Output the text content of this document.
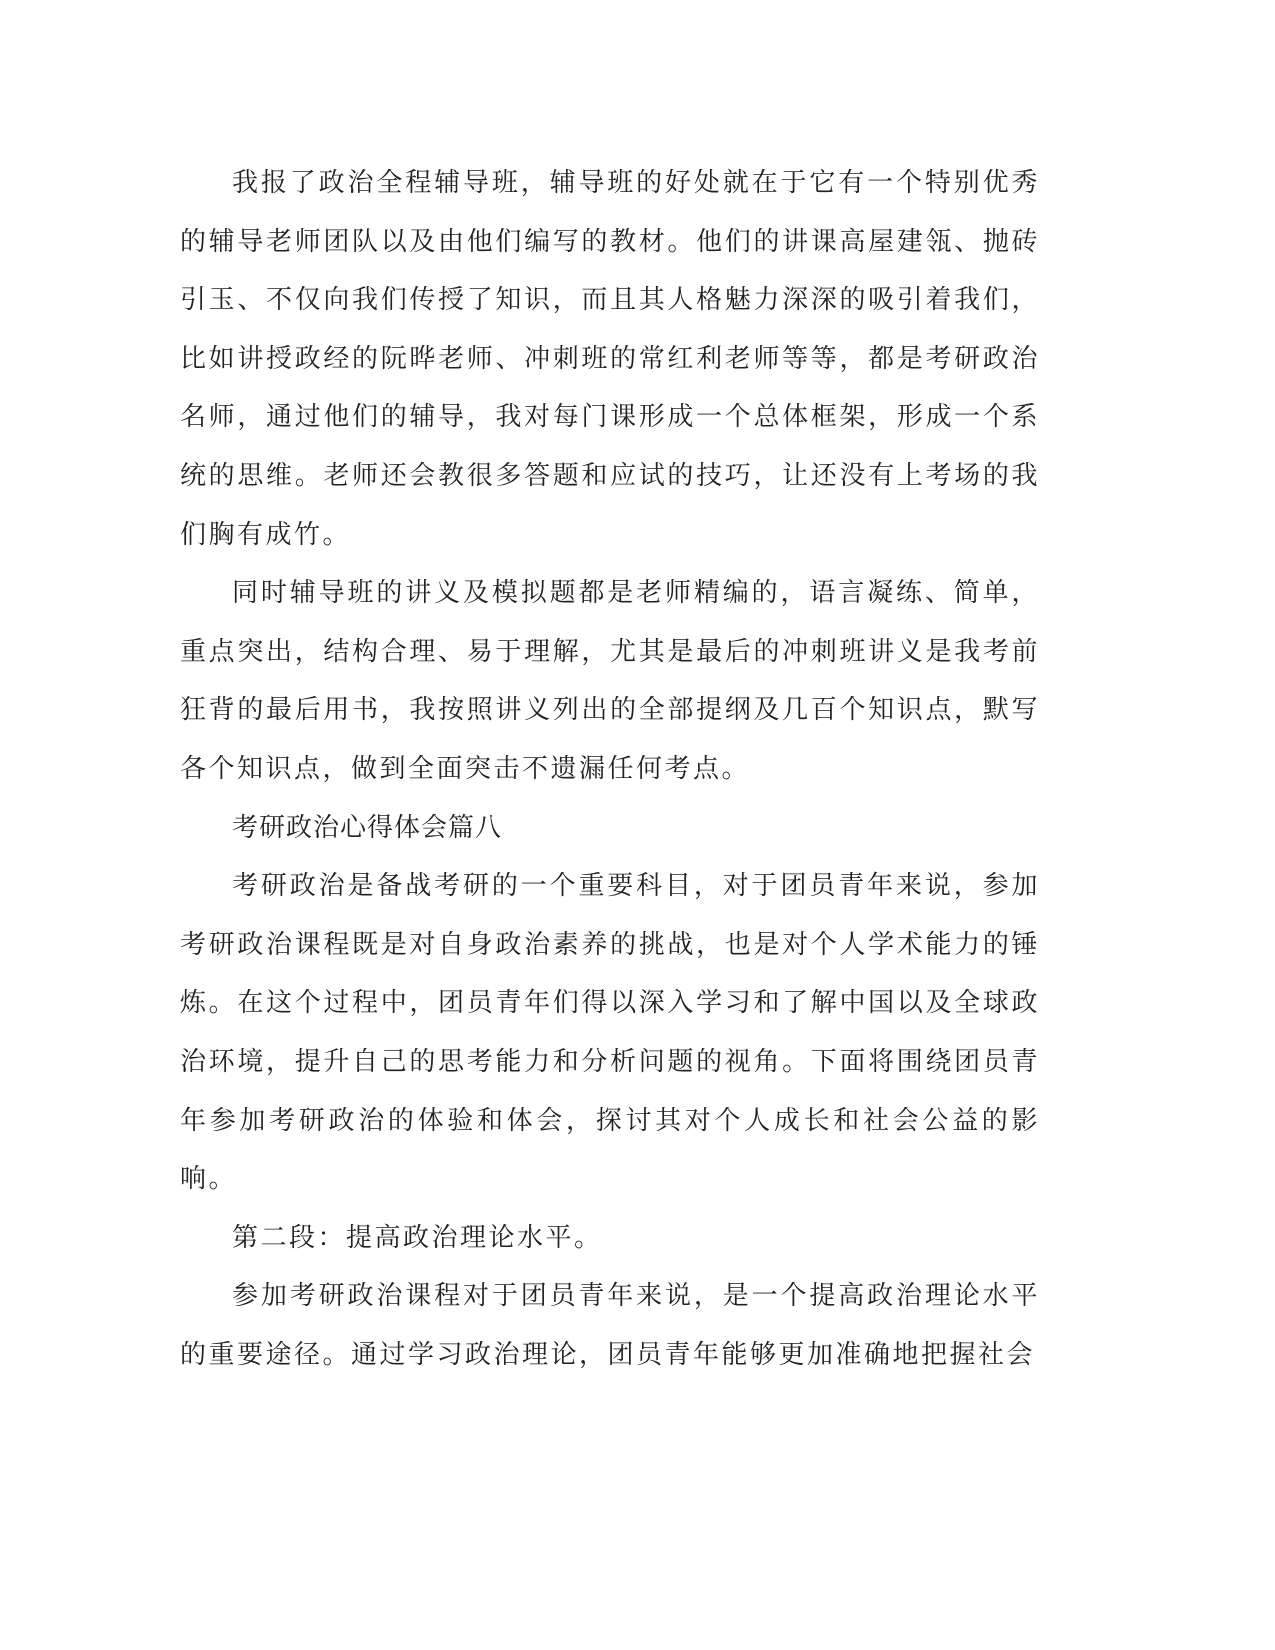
我报了政治全程辅导班，辅导班的好处就在于它有一个特别优秀的辅导老师团队以及由他们编写的教材。他们的讲课高屋建瓴、抛砖引玉、不仅向我们传授了知识，而且其人格魅力深深的吸引着我们，比如讲授政经的阮晔老师、冲刺班的常红利老师等等，都是考研政治名师，通过他们的辅导，我对每门课形成一个总体框架，形成一个系统的思维。老师还会教很多答题和应试的技巧，让还没有上考场的我们胸有成竹。

同时辅导班的讲义及模拟题都是老师精编的，语言凝练、简单，重点突出，结构合理、易于理解，尤其是最后的冲刺班讲义是我考前狂背的最后用书，我按照讲义列出的全部提纲及几百个知识点，默写各个知识点，做到全面突击不遗漏任何考点。

考研政治心得体会篇八

考研政治是备战考研的一个重要科目，对于团员青年来说，参加考研政治课程既是对自身政治素养的挑战，也是对个人学术能力的锤炼。在这个过程中，团员青年们得以深入学习和了解中国以及全球政治环境，提升自己的思考能力和分析问题的视角。下面将围绕团员青年参加考研政治的体验和体会，探讨其对个人成长和社会公益的影响。

第二段：提高政治理论水平。

参加考研政治课程对于团员青年来说，是一个提高政治理论水平的重要途径。通过学习政治理论，团员青年能够更加准确地把握社会
